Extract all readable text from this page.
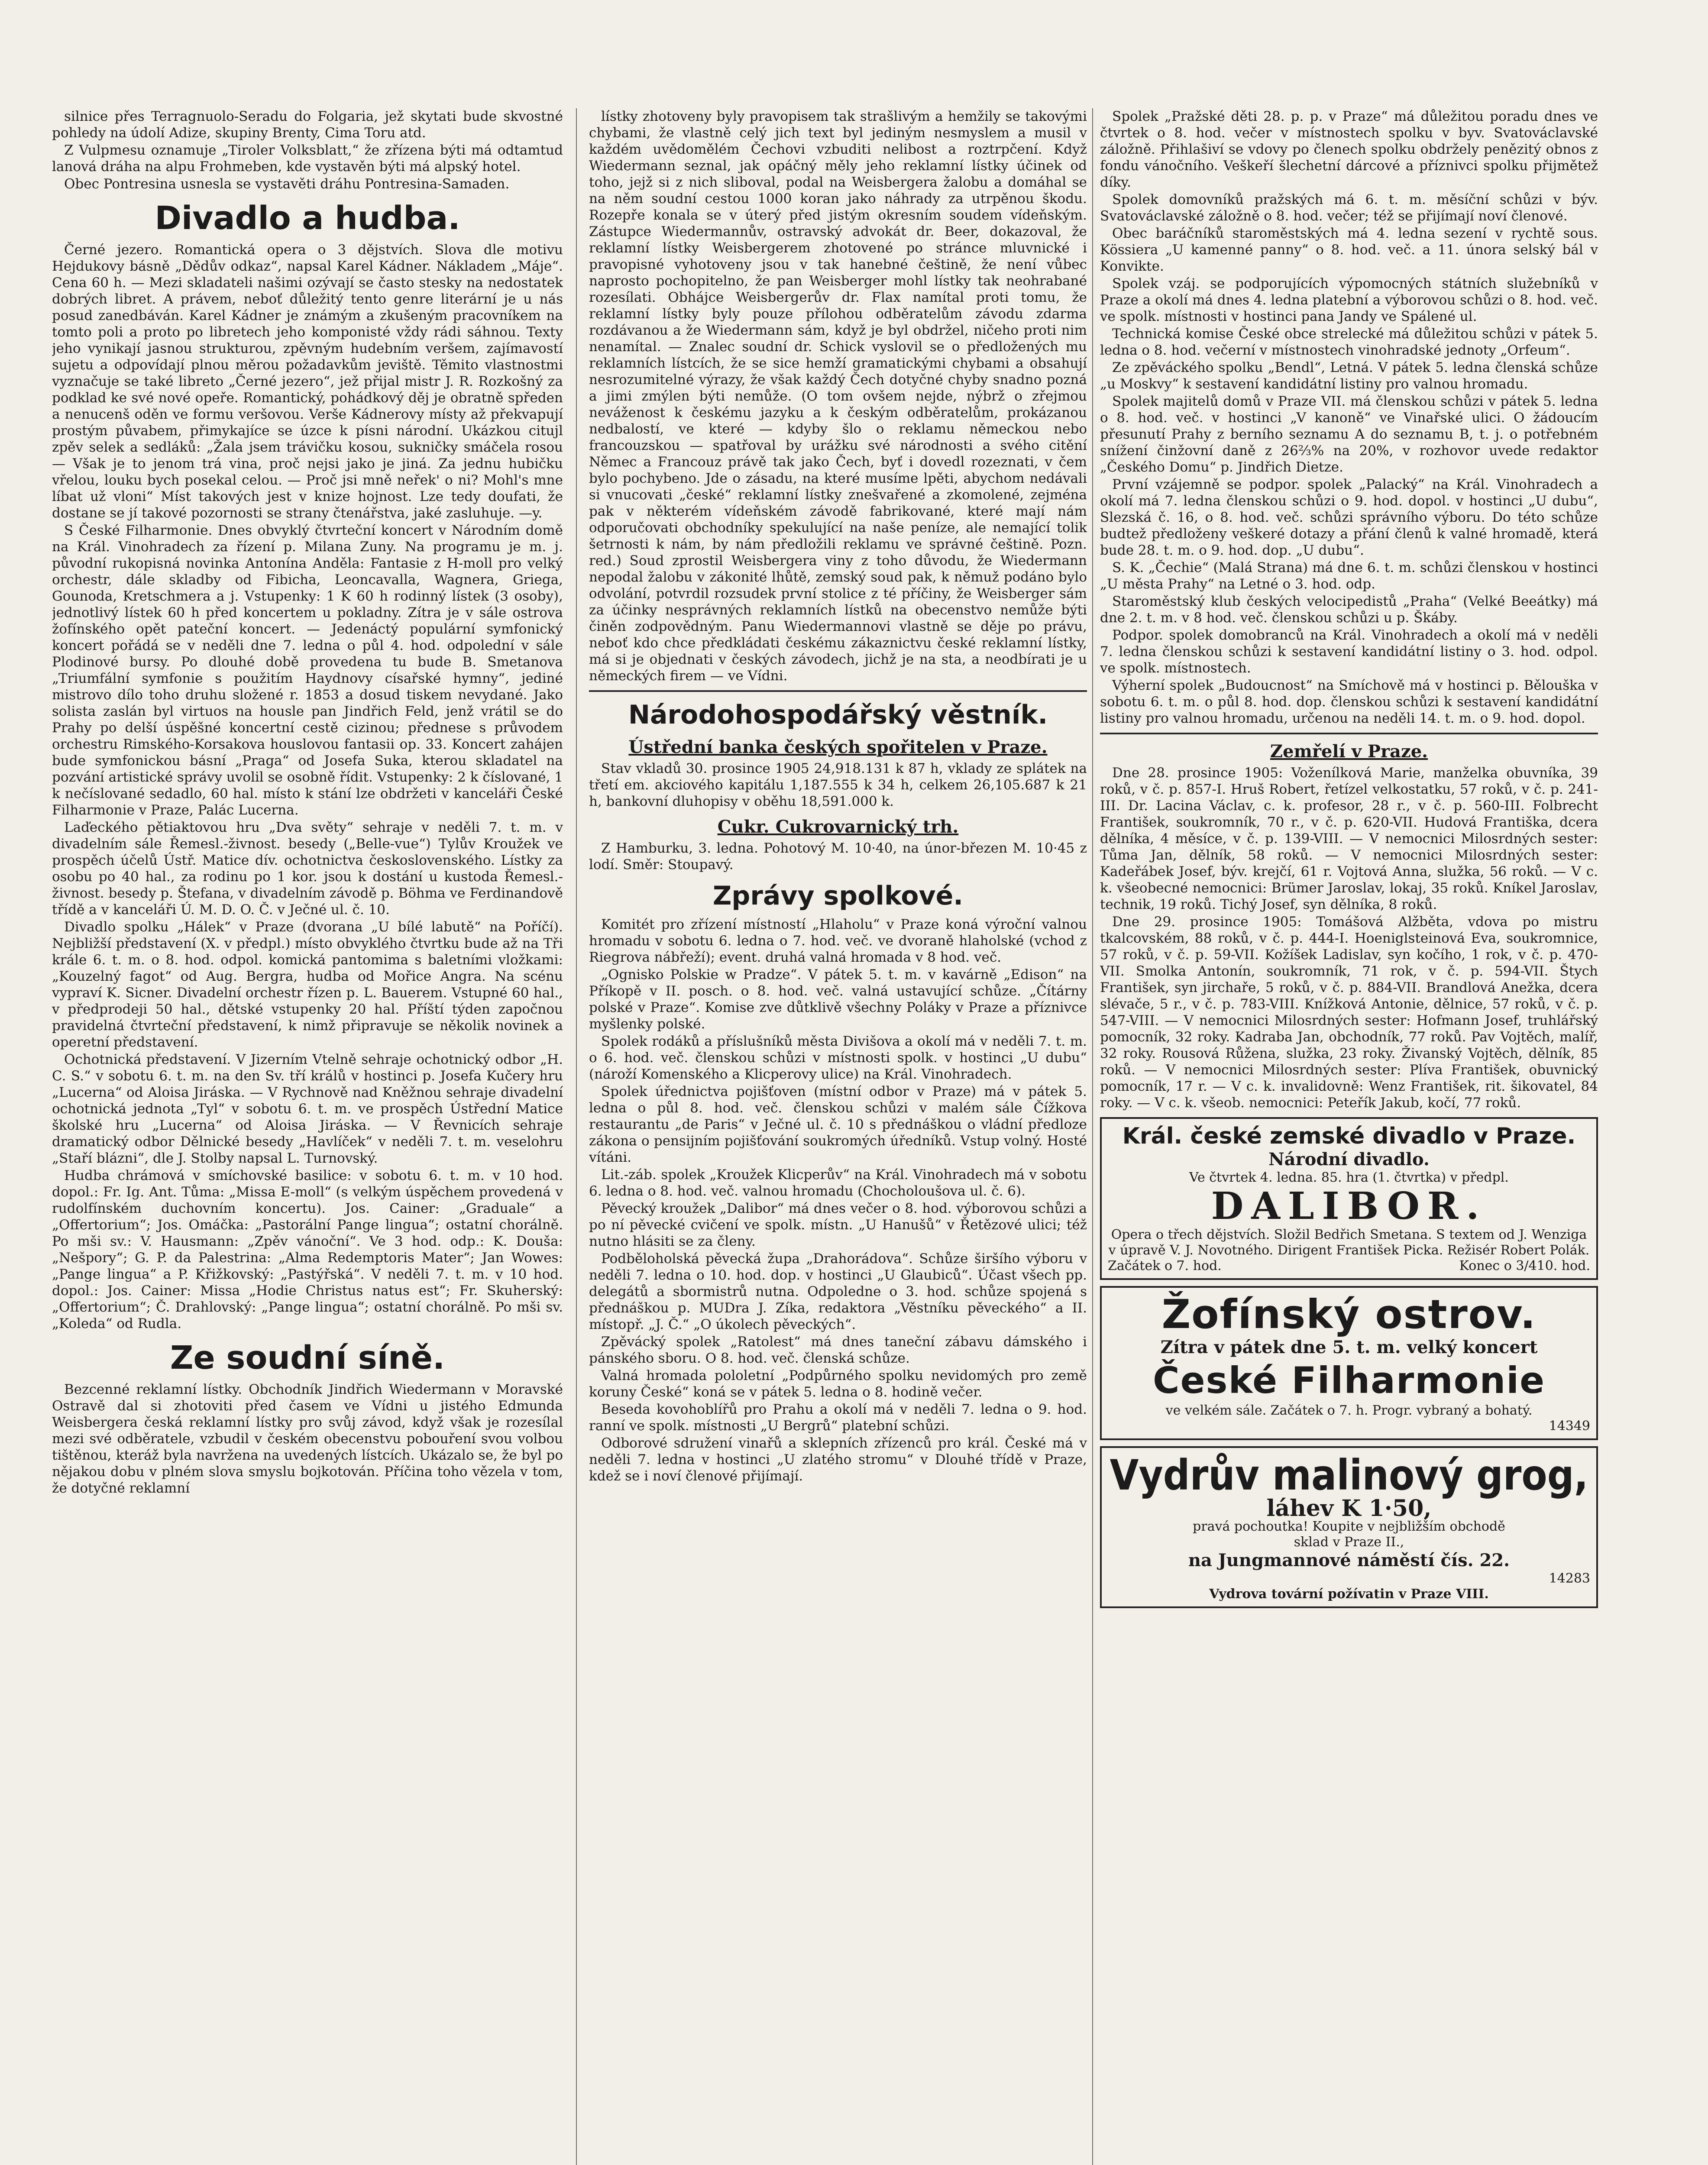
silnice přes Terragnuolo-Seradu do Folgaria, jež skytati bude skvostné pohledy na údolí Adize, skupiny Brenty, Cima Toru atd.

Z Vulpmesu oznamuje „Tiroler Volksblatt,“ že zřízena býti má odtamtud lanová dráha na alpu Frohmeben, kde vystavěn býti má alpský hotel.

Obec Pontresina usnesla se vystavěti dráhu Pontresina-Samaden.

Divadlo a hudba.

Černé jezero. Romantická opera o 3 dějstvích. Slova dle motivu Hejdukovy básně „Dědův odkaz“, napsal Karel Kádner. Nákladem „Máje“. Cena 60 h. — Mezi skladateli našimi ozývají se často stesky na nedostatek dobrých libret. A právem, neboť důležitý tento genre literární je u nás posud zanedbáván. Karel Kádner je známým a zkušeným pracovníkem na tomto poli a proto po libretech jeho komponisté vždy rádi sáhnou. Texty jeho vynikají jasnou strukturou, zpěvným hudebním veršem, zajímavostí sujetu a odpovídají plnou měrou požadavkům jeviště. Těmito vlastnostmi vyznačuje se také libreto „Černé jezero“, jež přijal mistr J. R. Rozkošný za podklad ke své nové opeře. Romantický, pohádkový děj je obratně spředen a nenucenš oděn ve formu veršovou. Verše Kádnerovy místy až překvapují prostým půvabem, přimykajíce se úzce k písni národní. Ukázkou citujl zpěv selek a sedláků: „Žala jsem trávičku kosou, sukničky smáčela rosou — Však je to jenom trá vina, proč nejsi jako je jiná. Za jednu hubičku vřelou, louku bych posekal celou. — Proč jsi mně neřek' o ni? Mohl's mne líbat už vloni“ Míst takových jest v knize hojnost. Lze tedy doufati, že dostane se jí takové pozornosti se strany čtenářstva, jaké zasluhuje. —y.

S České Filharmonie. Dnes obvyklý čtvrteční koncert v Národním domě na Král. Vinohradech za řízení p. Milana Zuny. Na programu je m. j. původní rukopisná novinka Antonína Anděla: Fantasie z H-moll pro velký orchestr, dále skladby od Fibicha, Leoncavalla, Wagnera, Griega, Gounoda, Kretschmera a j. Vstupenky: 1 K 60 h rodinný lístek (3 osoby), jednotlivý lístek 60 h před koncertem u pokladny. Zítra je v sále ostrova žofínského opět pateční koncert. — Jedenáctý populární symfonický koncert pořádá se v neděli dne 7. ledna o půl 4. hod. odpolední v sále Plodinové bursy. Po dlouhé době provedena tu bude B. Smetanova „Triumfální symfonie s použitím Haydnovy císařské hymny“, jediné mistrovo dílo toho druhu složené r. 1853 a dosud tiskem nevydané. Jako solista zaslán byl virtuos na housle pan Jindřich Feld, jenž vrátil se do Prahy po delší úspěšné koncertní cestě cizinou; přednese s průvodem orchestru Rimského-Korsakova houslovou fantasii op. 33. Koncert zahájen bude symfonickou básní „Praga“ od Josefa Suka, kterou skladatel na pozvání artistické správy uvolil se osobně řídit. Vstupenky: 2 k číslované, 1 k nečíslované sedadlo, 60 hal. místo k stání lze obdržeti v kanceláři České Filharmonie v Praze, Palác Lucerna.

Laďeckého pětiaktovou hru „Dva světy“ sehraje v neděli 7. t. m. v divadelním sále Řemesl.-živnost. besedy („Belle-vue“) Tylův Kroužek ve prospěch účelů Ústř. Matice dív. ochotnictva československého. Lístky za osobu po 40 hal., za rodinu po 1 kor. jsou k dostání u kustoda Řemesl.-živnost. besedy p. Štefana, v divadelním závodě p. Böhma ve Ferdinandově třídě a v kanceláři Ú. M. D. O. Č. v Ječné ul. č. 10.

Divadlo spolku „Hálek“ v Praze (dvorana „U bílé labutě“ na Poříčí). Nejbližší představení (X. v předpl.) místo obvyklého čtvrtku bude až na Tři krále 6. t. m. o 8. hod. odpol. komická pantomima s baletními vložkami: „Kouzelný fagot“ od Aug. Bergra, hudba od Mořice Angra. Na scénu vypraví K. Sicner. Divadelní orchestr řízen p. L. Bauerem. Vstupné 60 hal., v předprodeji 50 hal., dětské vstupenky 20 hal. Příští týden započnou pravidelná čtvrteční představení, k nimž připravuje se několik novinek a operetní představení.

Ochotnická představení. V Jizerním Vtelně sehraje ochotnický odbor „H. C. S.“ v sobotu 6. t. m. na den Sv. tří králů v hostinci p. Josefa Kučery hru „Lucerna“ od Aloisa Jiráska. — V Rychnově nad Kněžnou sehraje divadelní ochotnická jednota „Tyl“ v sobotu 6. t. m. ve prospěch Ústřední Matice školské hru „Lucerna“ od Aloisa Jiráska. — V Řevnicích sehraje dramatický odbor Dělnické besedy „Havlíček“ v neděli 7. t. m. veselohru „Staří blázni“, dle J. Stolby napsal L. Turnovský.

Hudba chrámová v smíchovské basilice: v sobotu 6. t. m. v 10 hod. dopol.: Fr. Ig. Ant. Tůma: „Missa E-moll“ (s velkým úspěchem provedená v rudolfínském duchovním koncertu). Jos. Cainer: „Graduale“ a „Offertorium“; Jos. Omáčka: „Pastorální Pange lingua“; ostatní chorálně. Po mši sv.: V. Hausmann: „Zpěv vánoční“. Ve 3 hod. odp.: K. Douša: „Nešpory“; G. P. da Palestrina: „Alma Redemptoris Mater“; Jan Wowes: „Pange lingua“ a P. Křižkovský: „Pastýřská“. V neděli 7. t. m. v 10 hod. dopol.: Jos. Cainer: Missa „Hodie Christus natus est“; Fr. Skuherský: „Offertorium“; Č. Drahlovský: „Pange lingua“; ostatní chorálně. Po mši sv. „Koleda“ od Rudla.

Ze soudní síně.

Bezcenné reklamní lístky. Obchodník Jindřich Wiedermann v Moravské Ostravě dal si zhotoviti před časem ve Vídni u jistého Edmunda Weisbergera česká reklamní lístky pro svůj závod, když však je rozesílal mezi své odběratele, vzbudil v českém obecenstvu pobouření svou volbou tištěnou, kteráž byla navržena na uvedených lístcích. Ukázalo se, že byl po nějakou dobu v plném slova smyslu bojkotován. Příčina toho vězela v tom, že dotyčné reklamní

lístky zhotoveny byly pravopisem tak strašlivým a hemžily se takovými chybami, že vlastně celý jich text byl jediným nesmyslem a musil v každém uvědomělém Čechovi vzbuditi nelibost a roztrpčení. Když Wiedermann seznal, jak opáčný měly jeho reklamní lístky účinek od toho, jejž si z nich sliboval, podal na Weisbergera žalobu a domáhal se na něm soudní cestou 1000 koran jako náhrady za utrpěnou škodu. Rozepře konala se v úterý před jistým okresním soudem vídeňským. Zástupce Wiedermannův, ostravský advokát dr. Beer, dokazoval, že reklamní lístky Weisbergerem zhotovené po stránce mluvnické i pravopisné vyhotoveny jsou v tak hanebné češtině, že není vůbec naprosto pochopitelno, že pan Weisberger mohl lístky tak neohrabané rozesílati. Obhájce Weisbergerův dr. Flax namítal proti tomu, že reklamní lístky byly pouze přílohou odběratelům závodu zdarma rozdávanou a že Wiedermann sám, když je byl obdržel, ničeho proti nim nenamítal. — Znalec soudní dr. Schick vyslovil se o předložených mu reklamních lístcích, že se sice hemží gramatickými chybami a obsahují nesrozumitelné výrazy, že však každý Čech dotyčné chyby snadno pozná a jimi zmýlen býti nemůže. (O tom ovšem nejde, nýbrž o zřejmou neváženost k českému jazyku a k českým odběratelům, prokázanou nedbalostí, ve které — kdyby šlo o reklamu německou nebo francouzskou — spatřoval by urážku své národnosti a svého citění Němec a Francouz právě tak jako Čech, byť i dovedl rozeznati, v čem bylo pochybeno. Jde o zásadu, na které musíme lpěti, abychom nedávali si vnucovati „české“ reklamní lístky znešvařené a zkomolené, zejména pak v některém vídeňském závodě fabrikované, které mají nám odporučovati obchodníky spekulující na naše peníze, ale nemající tolik šetrnosti k nám, by nám předložili reklamu ve správné češtině. Pozn. red.) Soud zprostil Weisbergera viny z toho důvodu, že Wiedermann nepodal žalobu v zákonité lhůtě, zemský soud pak, k němuž podáno bylo odvolání, potvrdil rozsudek první stolice z té příčiny, že Weisberger sám za účinky nesprávných reklamních lístků na obecenstvo nemůže býti činěn zodpovědným. Panu Wiedermannovi vlastně se děje po právu, neboť kdo chce předkládati českému zákaznictvu české reklamní lístky, má si je objednati v českých závodech, jichž je na sta, a neodbírati je u německých firem — ve Vídni.

Národohospodářský věstník.
Ústřední banka českých spořitelen v Praze.

Stav vkladů 30. prosince 1905 24,918.131 k 87 h, vklady ze splátek na třetí em. akciového kapitálu 1,187.555 k 34 h, celkem 26,105.687 k 21 h, bankovní dluhopisy v oběhu 18,591.000 k.

Cukr. Cukrovarnický trh.

Z Hamburku, 3. ledna. Pohotový M. 10·40, na únor-březen M. 10·45 z lodí. Směr: Stoupavý.

Zprávy spolkové.

Komitét pro zřízení místností „Hlaholu“ v Praze koná výroční valnou hromadu v sobotu 6. ledna o 7. hod. več. ve dvoraně hlaholské (vchod z Riegrova nábřeží); event. druhá valná hromada v 8 hod. več.

„Ognisko Polskie w Pradze“. V pátek 5. t. m. v kavárně „Edison“ na Příkopě v II. posch. o 8. hod. več. valná ustavující schůze. „Čítárny polské v Praze“. Komise zve důtklivě všechny Poláky v Praze a příznivce myšlenky polské.

Spolek rodáků a příslušníků města Divišova a okolí má v neděli 7. t. m. o 6. hod. več. členskou schůzi v místnosti spolk. v hostinci „U dubu“ (nároží Komenského a Klicperovy ulice) na Král. Vinohradech.

Spolek úřednictva pojišťoven (místní odbor v Praze) má v pátek 5. ledna o půl 8. hod. več. členskou schůzi v malém sále Čížkova restaurantu „de Paris“ v Ječné ul. č. 10 s přednáškou o vládní předloze zákona o pensijním pojišťování soukromých úředníků. Vstup volný. Hosté vítáni.

Lit.-záb. spolek „Kroužek Klicperův“ na Král. Vinohradech má v sobotu 6. ledna o 8. hod. več. valnou hromadu (Chocholoušova ul. č. 6).

Pěvecký kroužek „Dalibor“ má dnes večer o 8. hod. výborovou schůzi a po ní pěvecké cvičení ve spolk. místn. „U Hanušů“ v Řetězové ulici; též nutno hlásiti se za členy.

Podběloholská pěvecká župa „Drahorádova“. Schůze širšího výboru v neděli 7. ledna o 10. hod. dop. v hostinci „U Glaubiců“. Účast všech pp. delegátů a sbormistrů nutna. Odpoledne o 3. hod. schůze spojená s přednáškou p. MUDra J. Zíka, redaktora „Věstníku pěveckého“ a II. místopř. „J. Č.“ „O úkolech pěveckých“.

Zpěvácký spolek „Ratolest“ má dnes taneční zábavu dámského i pánského sboru. O 8. hod. več. členská schůze.

Valná hromada pololetní „Podpůrného spolku nevidomých pro země koruny České“ koná se v pátek 5. ledna o 8. hodině večer.

Beseda kovohoblířů pro Prahu a okolí má v neděli 7. ledna o 9. hod. ranní ve spolk. místnosti „U Bergrů“ platební schůzi.

Odborové sdružení vinařů a sklepních zřízenců pro král. České má v neděli 7. ledna v hostinci „U zlatého stromu“ v Dlouhé třídě v Praze, kdež se i noví členové přijímají.

Spolek „Pražské děti 28. p. p. v Praze“ má důležitou poradu dnes ve čtvrtek o 8. hod. večer v místnostech spolku v byv. Svatováclavské záložně. Přihlašiví se vdovy po členech spolku obdržely penězitý obnos z fondu vánočního. Veškeří šlechetní dárcové a příznivci spolku přijmětež díky.

Spolek domovníků pražských má 6. t. m. měsíční schůzi v býv. Svatováclavské záložně o 8. hod. večer; též se přijímají noví členové.

Obec baráčníků staroměstských má 4. ledna sezení v rychtě sous. Kössiera „U kamenné panny“ o 8. hod. več. a 11. února selský bál v Konvikte.

Spolek vzáj. se podporujících výpomocných státních služebníků v Praze a okolí má dnes 4. ledna platební a výborovou schůzi o 8. hod. več. ve spolk. místnosti v hostinci pana Jandy ve Spálené ul.

Technická komise České obce strelecké má důležitou schůzi v pátek 5. ledna o 8. hod. večerní v místnostech vinohradské jednoty „Orfeum“.

Ze zpěváckého spolku „Bendl“, Letná. V pátek 5. ledna členská schůze „u Moskvy“ k sestavení kandidátní listiny pro valnou hromadu.

Spolek majitelů domů v Praze VII. má členskou schůzi v pátek 5. ledna o 8. hod. več. v hostinci „V kanoně“ ve Vinařské ulici. O žádoucím přesunutí Prahy z berního seznamu A do seznamu B, t. j. o potřebném snížení činžovní daně z 26⅔% na 20%, v rozhovor uvede redaktor „Českého Domu“ p. Jindřich Dietze.

První vzájemně se podpor. spolek „Palacký“ na Král. Vinohradech a okolí má 7. ledna členskou schůzi o 9. hod. dopol. v hostinci „U dubu“, Slezská č. 16, o 8. hod. več. schůzi správního výboru. Do této schůze budtež předloženy veškeré dotazy a přání členů k valné hromadě, která bude 28. t. m. o 9. hod. dop. „U dubu“.

S. K. „Čechie“ (Malá Strana) má dne 6. t. m. schůzi členskou v hostinci „U města Prahy“ na Letné o 3. hod. odp.

Staroměstský klub českých velocipedistů „Praha“ (Velké Beeátky) má dne 2. t. m. v 8 hod. več. členskou schůzi u p. Škáby.

Podpor. spolek domobranců na Král. Vinohradech a okolí má v neděli 7. ledna členskou schůzi k sestavení kandidátní listiny o 3. hod. odpol. ve spolk. místnostech.

Výherní spolek „Budoucnost“ na Smíchově má v hostinci p. Bělouška v sobotu 6. t. m. o půl 8. hod. dop. členskou schůzi k sestavení kandidátní listiny pro valnou hromadu, určenou na neděli 14. t. m. o 9. hod. dopol.

Zemřelí v Praze.

Dne 28. prosince 1905: Voženílková Marie, manželka obuvníka, 39 roků, v č. p. 857-I. Hruš Robert, řetízel velkostatku, 57 roků, v č. p. 241-III. Dr. Lacina Václav, c. k. profesor, 28 r., v č. p. 560-III. Folbrecht František, soukromník, 70 r., v č. p. 620-VII. Hudová Františka, dcera dělníka, 4 měsíce, v č. p. 139-VIII. — V nemocnici Milosrdných sester: Tůma Jan, dělník, 58 roků. — V nemocnici Milosrdných sester: Kadeřábek Josef, býv. krejčí, 61 r. Vojtová Anna, služka, 56 roků. — V c. k. všeobecné nemocnici: Brümer Jaroslav, lokaj, 35 roků. Kníkel Jaroslav, technik, 19 roků. Tichý Josef, syn dělníka, 8 roků.

Dne 29. prosince 1905: Tomášová Alžběta, vdova po mistru tkalcovském, 88 roků, v č. p. 444-I. Hoeniglsteinová Eva, soukromnice, 57 roků, v č. p. 59-VII. Kožíšek Ladislav, syn kočího, 1 rok, v č. p. 470-VII. Smolka Antonín, soukromník, 71 rok, v č. p. 594-VII. Štych František, syn jirchaře, 5 roků, v č. p. 884-VII. Brandlová Anežka, dcera slévače, 5 r., v č. p. 783-VIII. Knížková Antonie, dělnice, 57 roků, v č. p. 547-VIII. — V nemocnici Milosrdných sester: Hofmann Josef, truhlářský pomocník, 32 roky. Kadraba Jan, obchodník, 77 roků. Pav Vojtěch, malíř, 32 roky. Rousová Růžena, služka, 23 roky. Živanský Vojtěch, dělník, 85 roků. — V nemocnici Milosrdných sester: Plíva František, obuvnický pomocník, 17 r. — V c. k. invalidovně: Wenz František, rit. šikovatel, 84 roky. — V c. k. všeob. nemocnici: Peteřík Jakub, kočí, 77 roků.

Král. české zemské divadlo v Praze.
Národní divadlo.
Ve čtvrtek 4. ledna. 85. hra (1. čtvrtka) v předpl.
DALIBOR.
Opera o třech dějstvích. Složil Bedřich Smetana. S textem od J. Wenziga v úpravě V. J. Novotného. Dirigent František Picka. Režisér Robert Polák.
Začátek o 7. hod.	Konec o 3/410. hod.
Žofínský ostrov.
Zítra v pátek dne 5. t. m. velký koncert
České Filharmonie
ve velkém sále. Začátek o 7. h. Progr. vybraný a bohatý.
14349
Vydrův malinový grog,
láhev K 1·50,
pravá pochoutka! Koupite v nejbližším obchodě
sklad v Praze II.,
na Jungmannové náměstí čís. 22.
14283
Vydrova tovární požívatin v Praze VIII.
